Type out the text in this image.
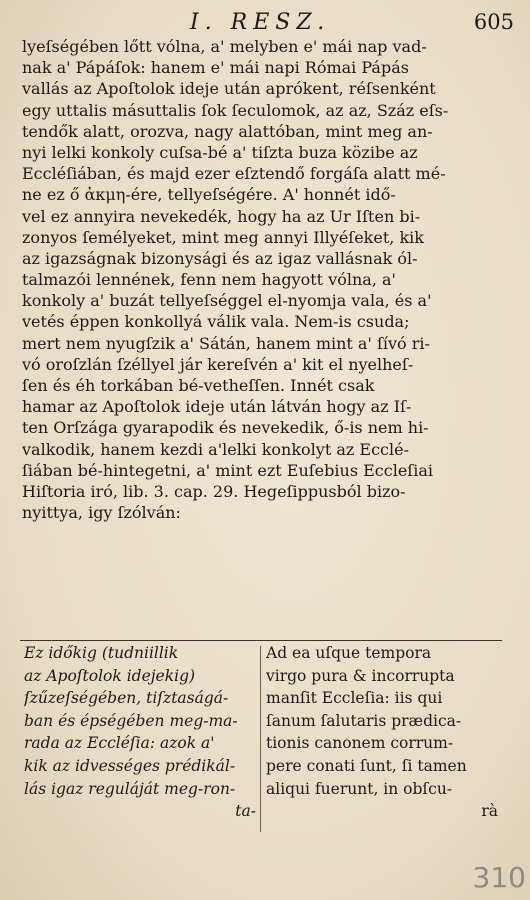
I. RESZ.	605
lyeſségében lőtt vólna, a' melyben e' mái nap vad-
nak a' Pápáſok: hanem e' mái napi Római Pápás
vallás az Apoſtolok ideje után aprókent, réſsenként
egy uttalis másuttalis ſok ſeculomok, az az, Száz eſs-
tendők alatt, orozva, nagy alattóban, mint meg an-
nyi lelki konkoly cuſsa-bé a' tiſzta buza közibe az
Eccléſiában, és majd ezer eſztendő forgáſa alatt mé-
ne ez ő ἀκμη-ére, tellyeſségére. A' honnét idő-
vel ez annyira nevekedék, hogy ha az Ur Iſten bi-
zonyos ſemélyeket, mint meg annyi Illyéſeket, kik
az igazságnak bizonysági és az igaz vallásnak ól-
talmazói lennének, fenn nem hagyott vólna, a'
konkoly a' buzát tellyeſséggel el-nyomja vala, és a'
vetés éppen konkollyá válik vala. Nem-is csuda;
mert nem nyugſzik a' Sátán, hanem mint a' ſívó ri-
vó oroſzlán ſzéllyel jár kereſvén a' kit el nyelheſ-
ſen és éh torkában bé-vetheſſen. Innét csak
hamar az Apoſtolok ideje után látván hogy az Iſ-
ten Orſzága gyarapodik és nevekedik, ő-is nem hi-
valkodik, hanem kezdi a'lelki konkolyt az Ecclé-
ſiában bé-hintegetni, a' mint ezt Euſebius Eccleſiai
Hiſtoria iró, lib. 3. cap. 29. Hegeſippusból bizo-
nyittya, igy ſzólván:
Ez időkig (tudniillik
az Apoſtolok idejekig)
ſzűzeſségében, tiſztaságá-
ban és épségében meg-ma-
rada az Eccléſia: azok a'
kik az idvességes prédikál-
lás igaz reguláját meg-ron-
ta-
Ad ea uſque tempora
virgo pura & incorrupta
manſit Eccleſia: iis qui
ſanum ſalutaris prædica-
tionis canonem corrum-
pere conati ſunt, ſi tamen
aliqui fuerunt, in obſcu-
rà
310
